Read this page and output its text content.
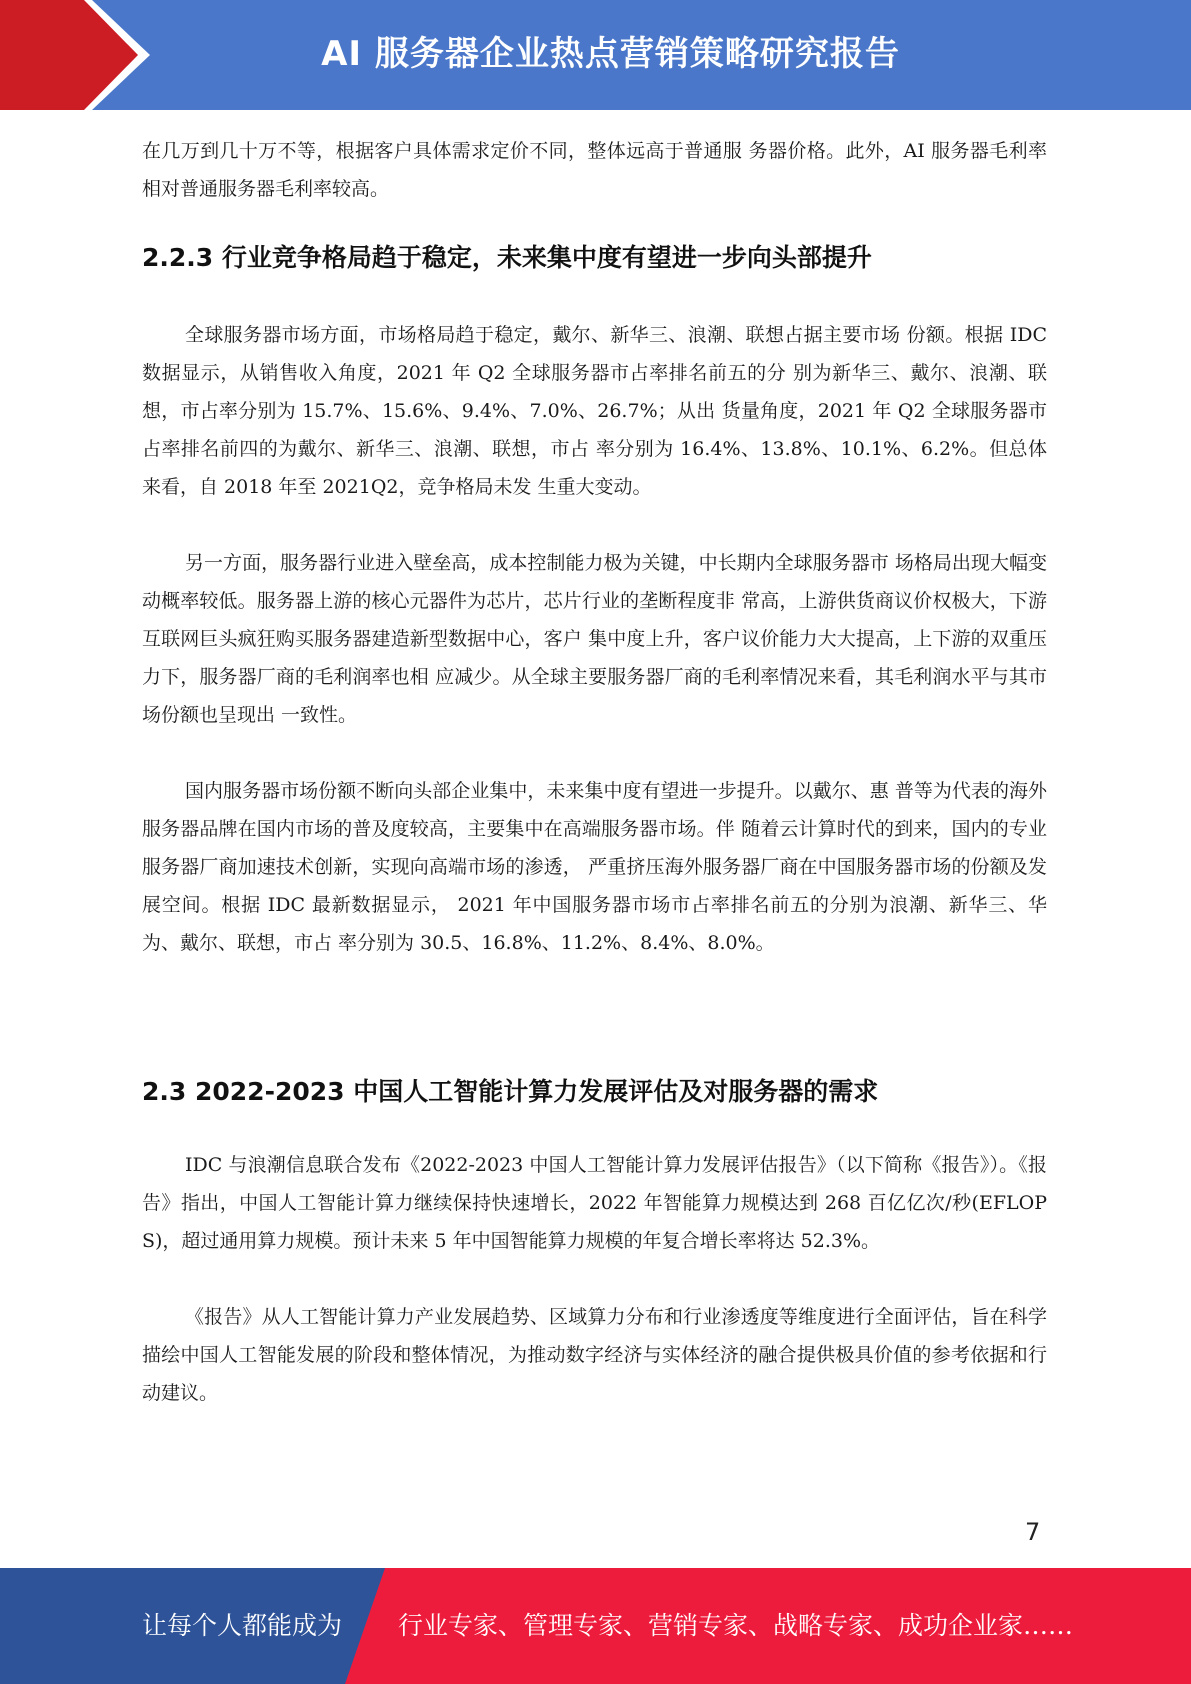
AI 服务器企业热点营销策略研究报告

在几万到几十万不等，根据客户具体需求定价不同，整体远高于普通服 务器价格。此外，AI 服务器毛利率相对普通服务器毛利率较高。

2.2.3 行业竞争格局趋于稳定，未来集中度有望进一步向头部提升

全球服务器市场方面，市场格局趋于稳定，戴尔、新华三、浪潮、联想占据主要市场 份额。根据 IDC 数据显示，从销售收入角度，2021 年 Q2 全球服务器市占率排名前五的分 别为新华三、戴尔、浪潮、联想，市占率分别为 15.7%、15.6%、9.4%、7.0%、26.7%；从出 货量角度，2021 年 Q2 全球服务器市占率排名前四的为戴尔、新华三、浪潮、联想，市占 率分别为 16.4%、13.8%、10.1%、6.2%。但总体来看，自 2018 年至 2021Q2，竞争格局未发 生重大变动。

另一方面，服务器行业进入壁垒高，成本控制能力极为关键，中长期内全球服务器市 场格局出现大幅变动概率较低。服务器上游的核心元器件为芯片，芯片行业的垄断程度非 常高，上游供货商议价权极大，下游互联网巨头疯狂购买服务器建造新型数据中心，客户 集中度上升，客户议价能力大大提高，上下游的双重压力下，服务器厂商的毛利润率也相 应减少。从全球主要服务器厂商的毛利率情况来看，其毛利润水平与其市场份额也呈现出 一致性。

国内服务器市场份额不断向头部企业集中，未来集中度有望进一步提升。以戴尔、惠 普等为代表的海外服务器品牌在国内市场的普及度较高，主要集中在高端服务器市场。伴 随着云计算时代的到来，国内的专业服务器厂商加速技术创新，实现向高端市场的渗透， 严重挤压海外服务器厂商在中国服务器市场的份额及发展空间。根据 IDC 最新数据显示， 2021 年中国服务器市场市占率排名前五的分别为浪潮、新华三、华为、戴尔、联想，市占 率分别为 30.5、16.8%、11.2%、8.4%、8.0%。

2.3 2022-2023 中国人工智能计算力发展评估及对服务器的需求

IDC 与浪潮信息联合发布《2022-2023 中国人工智能计算力发展评估报告》（以下简称《报告》）。《报告》指出，中国人工智能计算力继续保持快速增长，2022 年智能算力规模达到 268 百亿亿次/秒(EFLOPS)，超过通用算力规模。预计未来 5 年中国智能算力规模的年复合增长率将达 52.3%。

《报告》从人工智能计算力产业发展趋势、区域算力分布和行业渗透度等维度进行全面评估，旨在科学描绘中国人工智能发展的阶段和整体情况，为推动数字经济与实体经济的融合提供极具价值的参考依据和行动建议。

7
让每个人都能成为 行业专家、管理专家、营销专家、战略专家、成功企业家……
